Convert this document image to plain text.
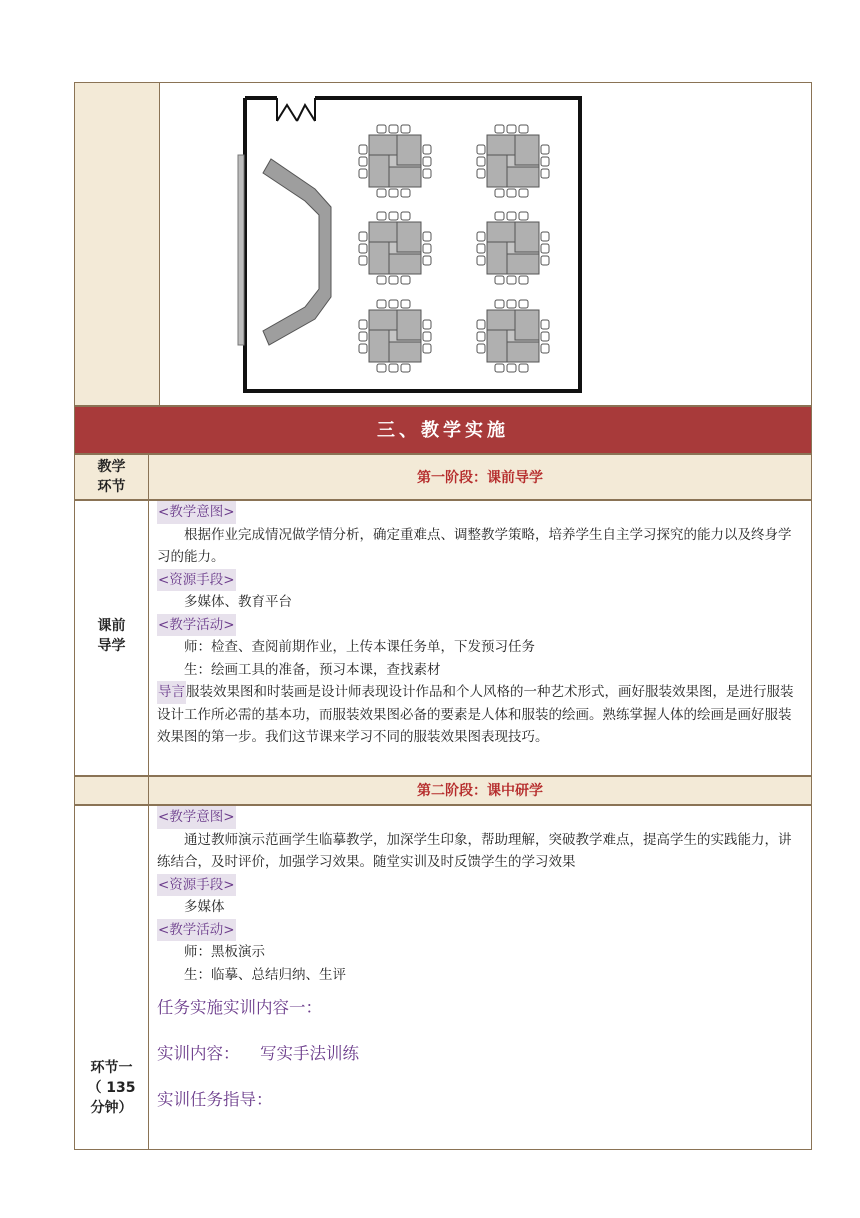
三、教学实施
教学
环节
第一阶段：课前导学
课前
导学

<教学意图>

根据作业完成情况做学情分析，确定重难点、调整教学策略，培养学生自主学习探究的能力以及终身学习的能力。

<资源手段>

多媒体、教育平台

<教学活动>

师：检查、查阅前期作业，上传本课任务单，下发预习任务

生：绘画工具的准备，预习本课，查找素材

导言服装效果图和时装画是设计师表现设计作品和个人风格的一种艺术形式，画好服装效果图，是进行服装设计工作所必需的基本功，而服装效果图必备的要素是人体和服装的绘画。熟练掌握人体的绘画是画好服装效果图的第一步。我们这节课来学习不同的服装效果图表现技巧。

第二阶段：课中研学
环节一
（ 135
分钟）

<教学意图>

通过教师演示范画学生临摹教学，加深学生印象，帮助理解，突破教学难点，提高学生的实践能力，讲练结合，及时评价，加强学习效果。随堂实训及时反馈学生的学习效果

<资源手段>

多媒体

<教学活动>

师：黑板演示

生：临摹、总结归纳、生评

任务实施实训内容一：

实训内容： 写实手法训练

实训任务指导：
